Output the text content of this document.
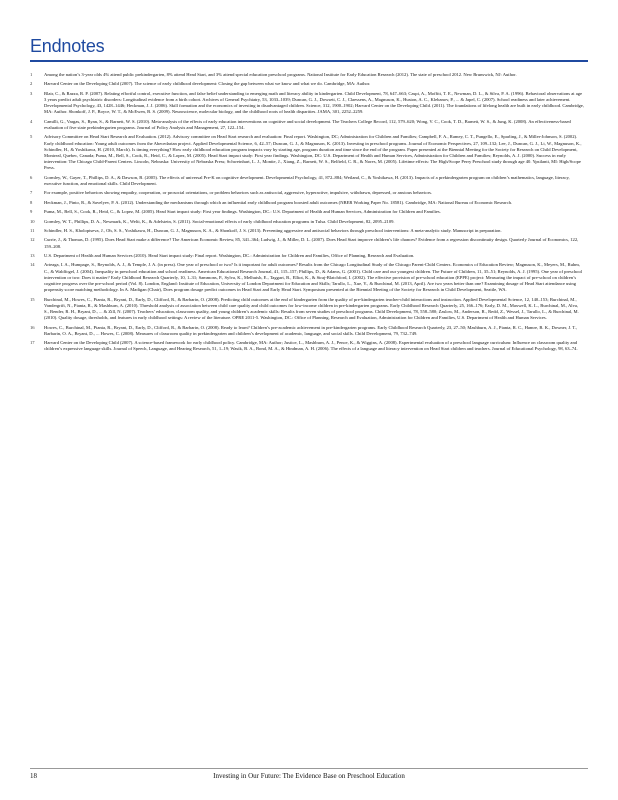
Endnotes
1	Among the nation’s 3-year olds 4% attend public prekindergarten, 8% attend Head Start, and 3% attend special education preschool programs. National Institute for Early Education Research (2012). The state of preschool 2012. New Brunswick, NJ: Author.
2	Harvard Center on the Developing Child (2007). The science of early childhood development: Closing the gap between what we know and what we do. Cambridge, MA: Author.
3	Blair, C., & Razza, R. P. (2007). Relating effortful control, executive function, and false belief understanding to emerging math and literacy ability in kindergarten. Child Development, 78, 647–663; Caspi, A., Moffitt, T. E., Newman, D. L., & Silva, P. A. (1996). Behavioral observations at age 3 years predict adult psychiatric disorders: Longitudinal evidence from a birth cohort. Archives of General Psychiatry, 53, 1033–1039; Duncan, G. J., Dowsett, C. J., Claessens, A., Magnuson, K., Huston, A. C., Klebanov, P., ... & Japel, C. (2007). School readiness and later achievement. Developmental Psychology, 43, 1428–1446; Heckman, J. J. (2006). Skill formation and the economics of investing in disadvantaged children. Science, 312, 1900–1902; Harvard Center on the Developing Child. (2011). The foundations of lifelong health are built in early childhood. Cambridge, MA: Author. Shonkoff, J. P., Boyce, W. T., & McEwen, B. S. (2009). Neuroscience, molecular biology, and the childhood roots of health disparities. JAMA, 301, 2252–2259.
4	Camilli, G., Vargas, S., Ryan, S., & Barnett, W. S. (2010). Meta-analysis of the effects of early education interventions on cognitive and social development. The Teachers College Record, 112, 579–620; Wong, V. C., Cook, T. D., Barnett, W. S., & Jung, K. (2008). An effectiveness-based evaluation of five state prekindergarten programs. Journal of Policy Analysis and Management, 27, 122–154.
5	Advisory Committee on Head Start Research and Evaluation. (2012). Advisory committee on Head Start research and evaluation: Final report. Washington, DC; Administration for Children and Families; Campbell, F. A., Ramey, C. T., Pungello, E., Sparling, J., & Miller-Johnson, S. (2002). Early childhood education: Young adult outcomes from the Abecedarian project. Applied Developmental Science, 6, 42–57; Duncan, G. J., & Magnuson, K. (2013). Investing in preschool programs. Journal of Economic Perspectives, 27, 109–132; Lee, J., Duncan, G. J., Li, W., Magnuson, K., Schindler, H., & Yoshikawa, H. (2010, March). Is timing everything? How early childhood education program impacts vary by starting age, program duration and time since the end of the program. Paper presented at the Biennial Meeting for the Society for Research on Child Development, Montreal, Quebec, Canada; Puma, M., Bell, S., Cook, R., Heid, C., & Lopez, M. (2005). Head Start impact study: First year findings. Washington, DC: U.S. Department of Health and Human Services, Administration for Children and Families; Reynolds, A. J. (2000). Success in early intervention: The Chicago Child-Parent Centers. Lincoln, Nebraska: University of Nebraska Press; Schweinhart, L. J., Montie, J., Xiang, Z., Barnett, W. S., Belfield, C. R., & Nores, M. (2005). Lifetime effects: The High/Scope Perry Preschool study through age 40. Ypsilanti, MI: High/Scope Press.
6	Gormley, W., Gayer, T., Phillips, D. A., & Dawson, B. (2005). The effects of universal Pre-K on cognitive development. Developmental Psychology, 41, 872–884; Weiland, C., & Yoshikawa, H. (2013). Impacts of a prekindergarten program on children’s mathematics, language, literacy, executive function, and emotional skills. Child Development.
7	For example, positive behaviors showing empathy, cooperation, or prosocial orientations, or problem behaviors such as antisocial, aggressive, hyperactive, impulsive, withdrawn, depressed, or anxious behaviors.
8	Heckman, J., Pinto, R., & Savelyev, P. A. (2012). Understanding the mechanisms through which an influential early childhood program boosted adult outcomes (NBER Working Paper No. 18581). Cambridge, MA: National Bureau of Economic Research.
9	Puma, M., Bell, S., Cook, R., Heid, C., & Lopez, M. (2005). Head Start impact study: First year findings. Washington, DC.: U.S. Department of Health and Human Services, Administration for Children and Families.
10	Gormley, W. T., Phillips, D. A., Newmark, K., Welti, K., & Adelstein, S. (2011). Social-emotional effects of early childhood education programs in Tulsa. Child Development, 82, 2095–2109.
11	Schindler, H. S., Kholoptseva, J., Oh, S. S., Yoshikawa, H., Duncan, G. J., Magnuson, K. A., & Shonkoff, J. S. (2013). Preventing aggressive and antisocial behaviors through preschool interventions: A meta-analytic study. Manuscript in preparation.
12	Currie, J., & Thomas, D. (1995). Does Head Start make a difference? The American Economic Review, 85, 341–364; Ludwig, J., & Miller, D. L. (2007). Does Head Start improve children’s life chances? Evidence from a regression discontinuity design. Quarterly Journal of Economics, 122, 159–208.
13	U.S. Department of Health and Human Services (2010). Head Start impact study: Final report. Washington, DC.: Administration for Children and Families, Office of Planning, Research and Evaluation.
14	Arteaga, I. A., Humpage, S., Reynolds, A. J., & Temple, J. A. (in press). One year of preschool or two? Is it important for adult outcomes? Results from the Chicago Longitudinal Study of the Chicago Parent-Child Centers. Economics of Education Review; Magnuson, K., Meyers, M., Ruhm, C., & Waldfogel, J. (2004). Inequality in preschool education and school readiness. American Educational Research Journal, 41, 115–157; Phillips, D., & Adams, G. (2001). Child care and our youngest children. The Future of Children, 11, 35–51; Reynolds, A. J. (1995). One year of preschool intervention or two: Does it matter? Early Childhood Research Quarterly, 10, 1–31; Sammons, P., Sylva, K., Melhuish, E., Taggart, B., Elliot, K., & Siraj-Blatchford, I. (2002). The effective provision of pre-school education (EPPE) project: Measuring the impact of pre-school on children’s cognitive progress over the pre-school period (Vol. 8). London, England: Institute of Education, University of London Department for Education and Skills; Tarullo, L., Xue, Y., & Burchinal, M. (2013, April). Are two years better than one? Examining dosage of Head Start attendance using propensity score matching methodology. In A. Madigan (Chair), Does program dosage predict outcomes in Head Start and Early Head Start. Symposium presented at the Biennial Meeting of the Society for Research in Child Development, Seattle, WA.
15	Burchinal, M., Howes, C., Pianta, R., Bryant, D., Early, D., Clifford, R., & Barbarin, O. (2008). Predicting child outcomes at the end of kindergarten from the quality of pre-kindergarten teacher-child interactions and instruction. Applied Developmental Science, 12, 140–153; Burchinal, M., Vandergrift, N., Pianta, R., & Mashburn, A. (2010). Threshold analysis of association between child care quality and child outcomes for low-income children in pre-kindergarten programs. Early Childhood Research Quarterly, 25, 166–176; Early, D. M., Maxwell, K. L., Burchinal, M., Alva, S., Bender, R. H., Bryant, D., ... & Zill, N. (2007). Teachers’ education, classroom quality, and young children’s academic skills: Results from seven studies of preschool programs. Child Development, 78, 558–580; Zaslow, M., Anderson, R., Redd, Z., Wessel, J., Tarullo, L., & Burchinal, M. (2010). Quality dosage, thresholds, and features in early childhood settings: A review of the literature. OPRE 2011-5. Washington, DC.: Office of Planning, Research and Evaluation, Administration for Children and Families, U.S. Department of Health and Human Services.
16	Howes, C., Burchinal, M., Pianta, R., Bryant, D., Early, D., Clifford, R., & Barbarin, O. (2008). Ready to learn? Children’s pre-academic achievement in pre-kindergarten programs. Early Childhood Research Quarterly, 23, 27–50; Mashburn, A. J., Pianta, R. C., Hamre, B. K., Downer, J. T., Barbarin, O. A., Bryant, D., ... Howes, C. (2008). Measures of classroom quality in prekindergarten and children’s development of academic, language, and social skills. Child Development, 79, 732–749.
17	Harvard Center on the Developing Child (2007). A science-based framework for early childhood policy. Cambridge, MA: Author; Justice, L., Mashburn, A. J., Pence, K., & Wiggins, A. (2008). Experimental evaluation of a preschool language curriculum: Influence on classroom quality and children’s expressive language skills. Journal of Speech, Language, and Hearing Research, 51, 1–19; Wasik, B. A., Bond, M. A., & Hindman, A. H. (2006). The effects of a language and literacy intervention on Head Start children and teachers. Journal of Educational Psychology, 98, 63–74.
18	Investing in Our Future: The Evidence Base on Preschool Education
